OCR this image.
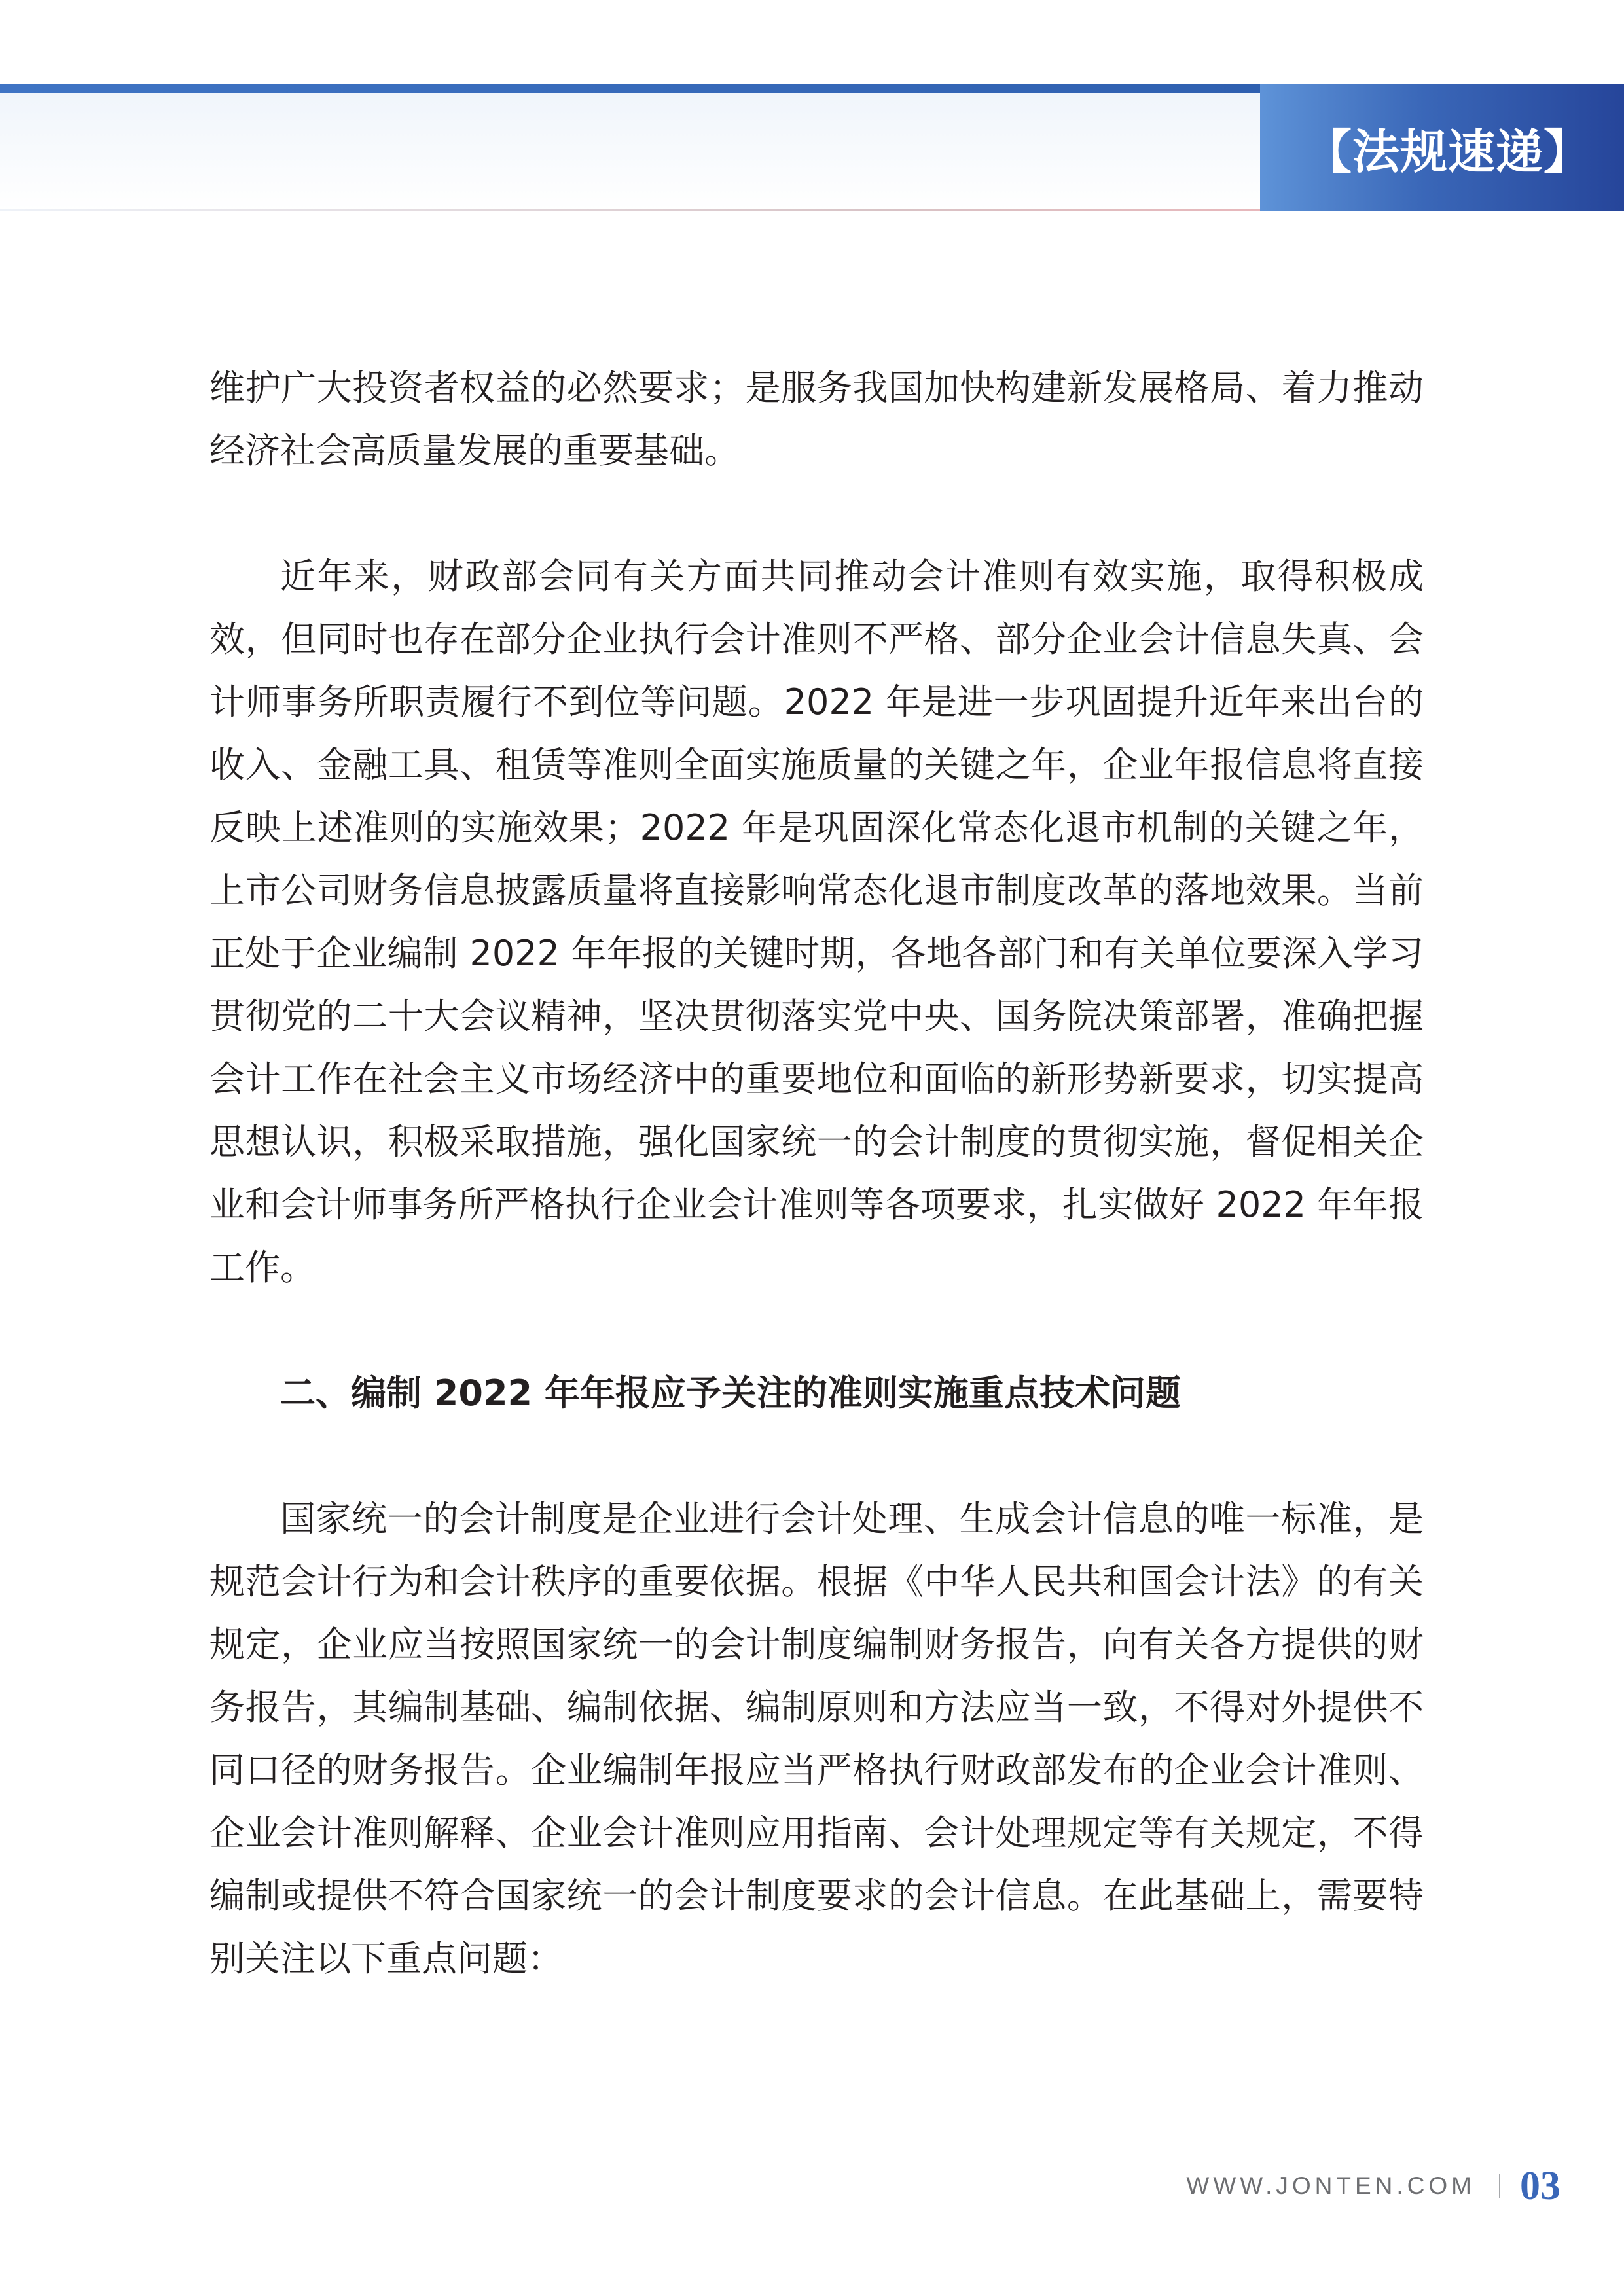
【法规速递】

维护广大投资者权益的必然要求；是服务我国加快构建新发展格局、着力推动经济社会高质量发展的重要基础。

近年来，财政部会同有关方面共同推动会计准则有效实施，取得积极成效，但同时也存在部分企业执行会计准则不严格、部分企业会计信息失真、会计师事务所职责履行不到位等问题。2022 年是进一步巩固提升近年来出台的收入、金融工具、租赁等准则全面实施质量的关键之年，企业年报信息将直接反映上述准则的实施效果；2022 年是巩固深化常态化退市机制的关键之年，上市公司财务信息披露质量将直接影响常态化退市制度改革的落地效果。当前正处于企业编制 2022 年年报的关键时期，各地各部门和有关单位要深入学习贯彻党的二十大会议精神，坚决贯彻落实党中央、国务院决策部署，准确把握会计工作在社会主义市场经济中的重要地位和面临的新形势新要求，切实提高思想认识，积极采取措施，强化国家统一的会计制度的贯彻实施，督促相关企业和会计师事务所严格执行企业会计准则等各项要求，扎实做好 2022 年年报工作。

二、编制 2022 年年报应予关注的准则实施重点技术问题

国家统一的会计制度是企业进行会计处理、生成会计信息的唯一标准，是规范会计行为和会计秩序的重要依据。根据《中华人民共和国会计法》的有关规定，企业应当按照国家统一的会计制度编制财务报告，向有关各方提供的财务报告，其编制基础、编制依据、编制原则和方法应当一致，不得对外提供不同口径的财务报告。企业编制年报应当严格执行财政部发布的企业会计准则、企业会计准则解释、企业会计准则应用指南、会计处理规定等有关规定，不得编制或提供不符合国家统一的会计制度要求的会计信息。在此基础上，需要特别关注以下重点问题：

WWW.JONTEN.COM 03
